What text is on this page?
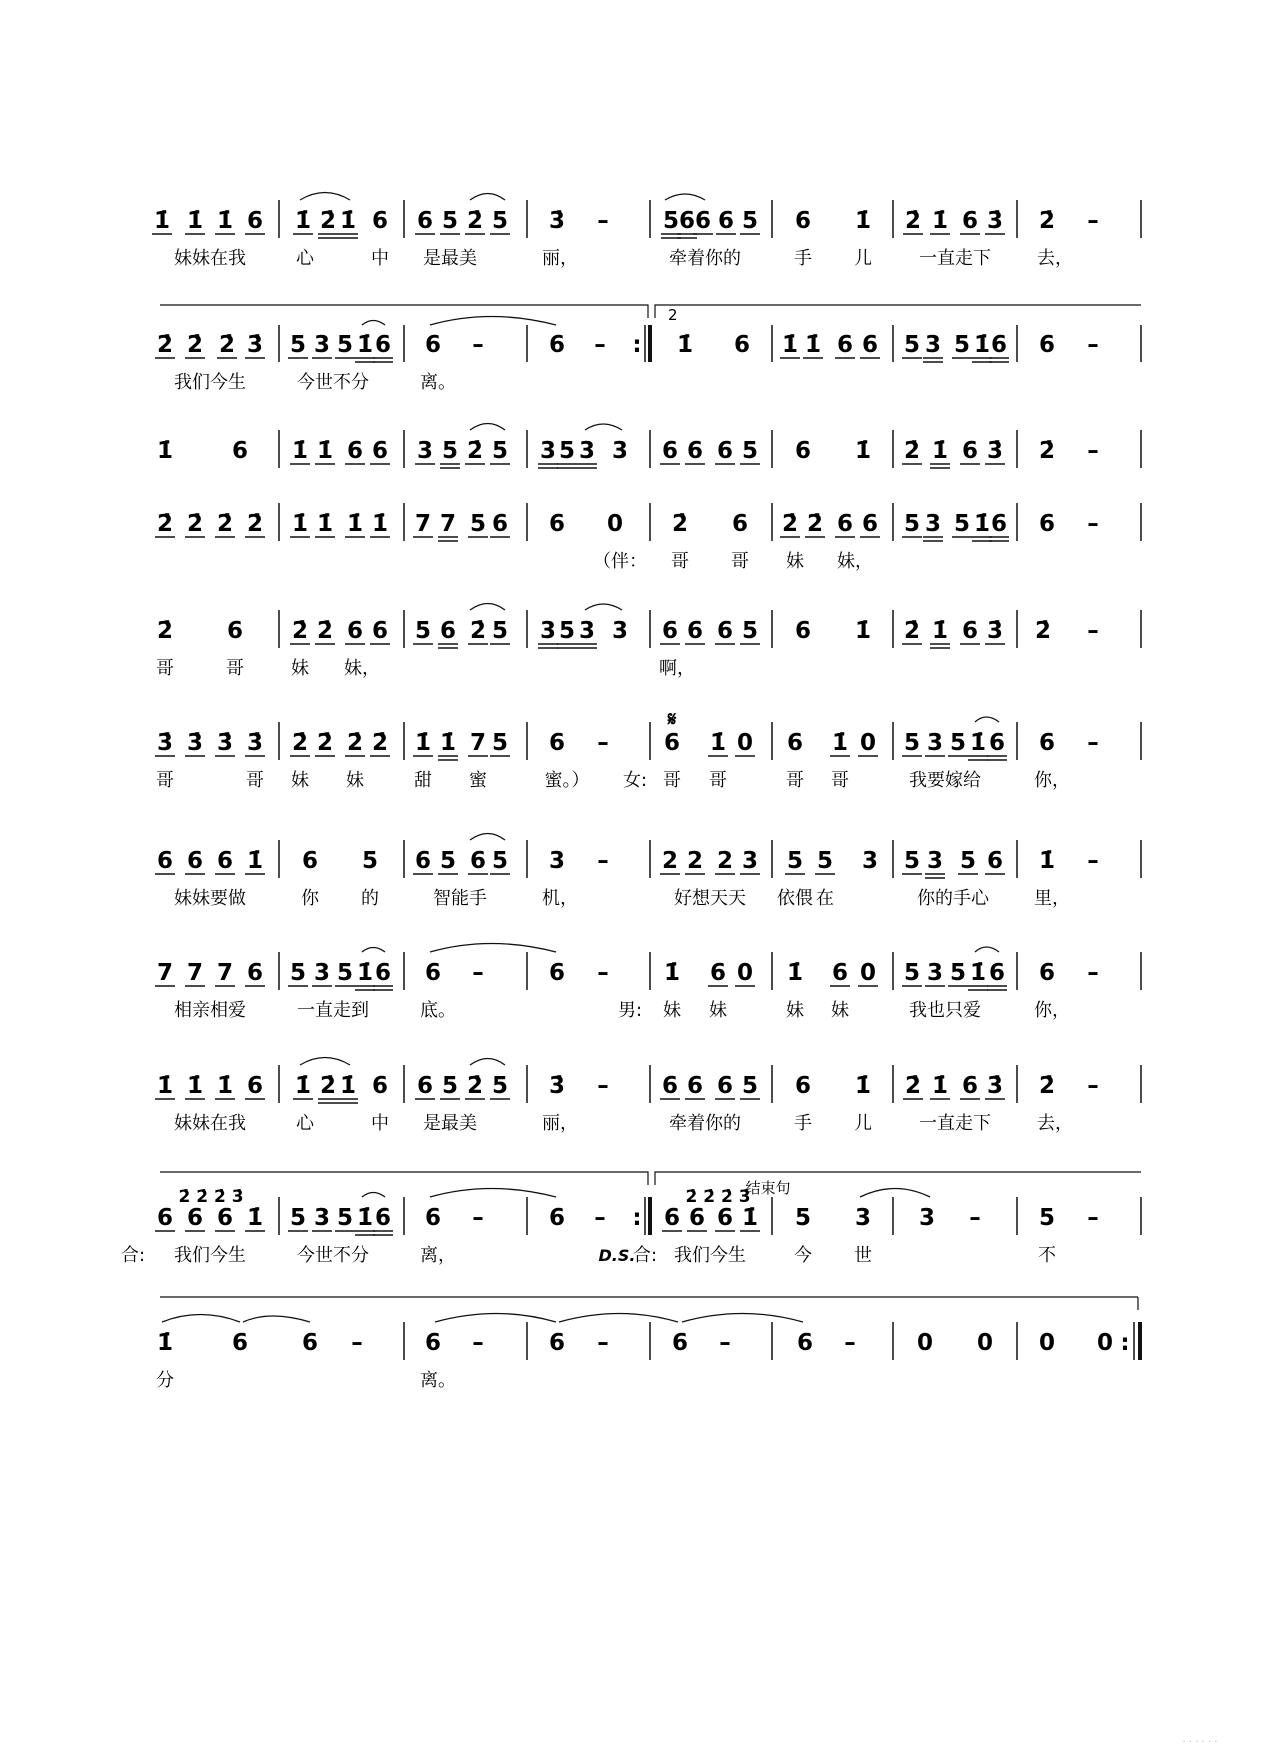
1̇ 1̇ 1̇ 6 1̇ 2̇ 1̇ 6 6 5 2̇ 5 3̇ – 5 6 6 6 5 6 1̇ 2̇ 1̇ 6 3̇ 2̇ –
妹妹在我	心	中 是最美	丽，	牵着你的	手 儿	一直走下	去，
2
2̇ 2̇ 2̇ 3̇ 5 3 5 1̇ 6 6 –	6 – : 1̇ 6 1̇ 1̇ 6 6 5 3 5 1̇ 6 6 –
我们今生	今世不分	离。
1̇	6 1̇ 1̇ 6 6 3 5 2̇ 5 3 5 3 3 6 6 6 5 6 1̇ 2̇ 1̇ 6 3̇ 2̇ –
2̇ 2̇ 2̇ 2̇ 1̇ 1̇ 1̇ 1̇ 7 7 5 6 6 0 2̇ 6 2̇ 2̇ 6 6 5 3 5 1̇ 6 6 –
（伴： 哥 哥 妹 妹，
2̇ 6 2̇ 2̇ 6 6 5 6 2̇ 5 3 5 3 3 6 6 6 5 6 1̇ 2̇ 1̇ 6 3̇ 2̇ –
哥	哥	妹 妹，	啊，
3̇ 3̇ 3̇ 3̇ 2̇ 2̇ 2̇ 2̇ 1̇ 1̇ 7 5 6 –
𝄋
6 1̇ 0 6 1̇ 0 5 3 5 1̇ 6 6 –
哥	哥 妹 妹	甜 蜜	蜜。） 女: 哥 哥	哥 哥	我要嫁给	你，
6 6 6 1̇ 6 5 6 5 6 5 3 – 2 2 2 3 5 5 3 5 3 5 6 1̇ –
妹妹要做	你 的	智能手	机，	好想天天 依偎 在	你的手心	里，
7 7 7 6 5 3 5 1̇ 6 6 –	6 – 1̇ 6 0 1̇ 6 0 5 3 5 1̇ 6 6 –
相亲相爱	一直走到	底。	男: 妹 妹	妹 妹	我也只爱	你，
1̇ 1̇ 1̇ 6 1̇ 2̇ 1̇ 6 6 5 2̇ 5 3̇ – 6 6 6 5 6 1̇ 2̇ 1̇ 6 3̇ 2̇ –
妹妹在我	心	中 是最美	丽，	牵着你的	手 儿	一直走下	去，
结束句
2̇ 2̇ 2̇ 3̇	2̇ 2̇ 2̇ 3̇
6 6 6 1̇ 5 3 5 1̇ 6 6 –	6 – : 6 6 6 1̇ 5 3 3 –	5 –
合: 我们今生	今世不分	离，	D.S.
合: 我们今生	今 世	不
1̇	6 6 –	6 –	6 –	6 –	6 –	0 0 0 0 :
分	离。
· · · · · ·
